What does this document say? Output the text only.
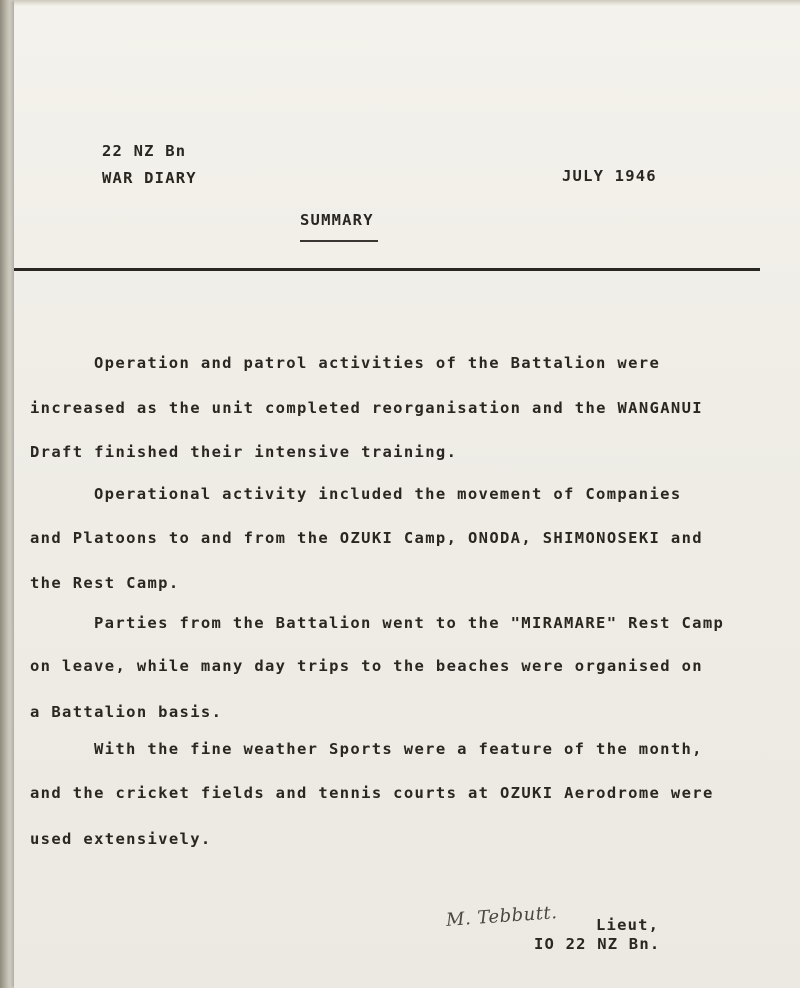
22 NZ Bn
WAR DIARY	JULY 1946
SUMMARY
Operation and patrol activities of the Battalion were
increased as the unit completed reorganisation and the WANGANUI
Draft finished their intensive training.
Operational activity included the movement of Companies
and Platoons to and from the OZUKI Camp, ONODA, SHIMONOSEKI and
the Rest Camp.
Parties from the Battalion went to the "MIRAMARE" Rest Camp
on leave, while many day trips to the beaches were organised on
a Battalion basis.
With the fine weather Sports were a feature of the month,
and the cricket fields and tennis courts at OZUKI Aerodrome were
used extensively.
M. Tebbutt. Lieut,
IO 22 NZ Bn.
